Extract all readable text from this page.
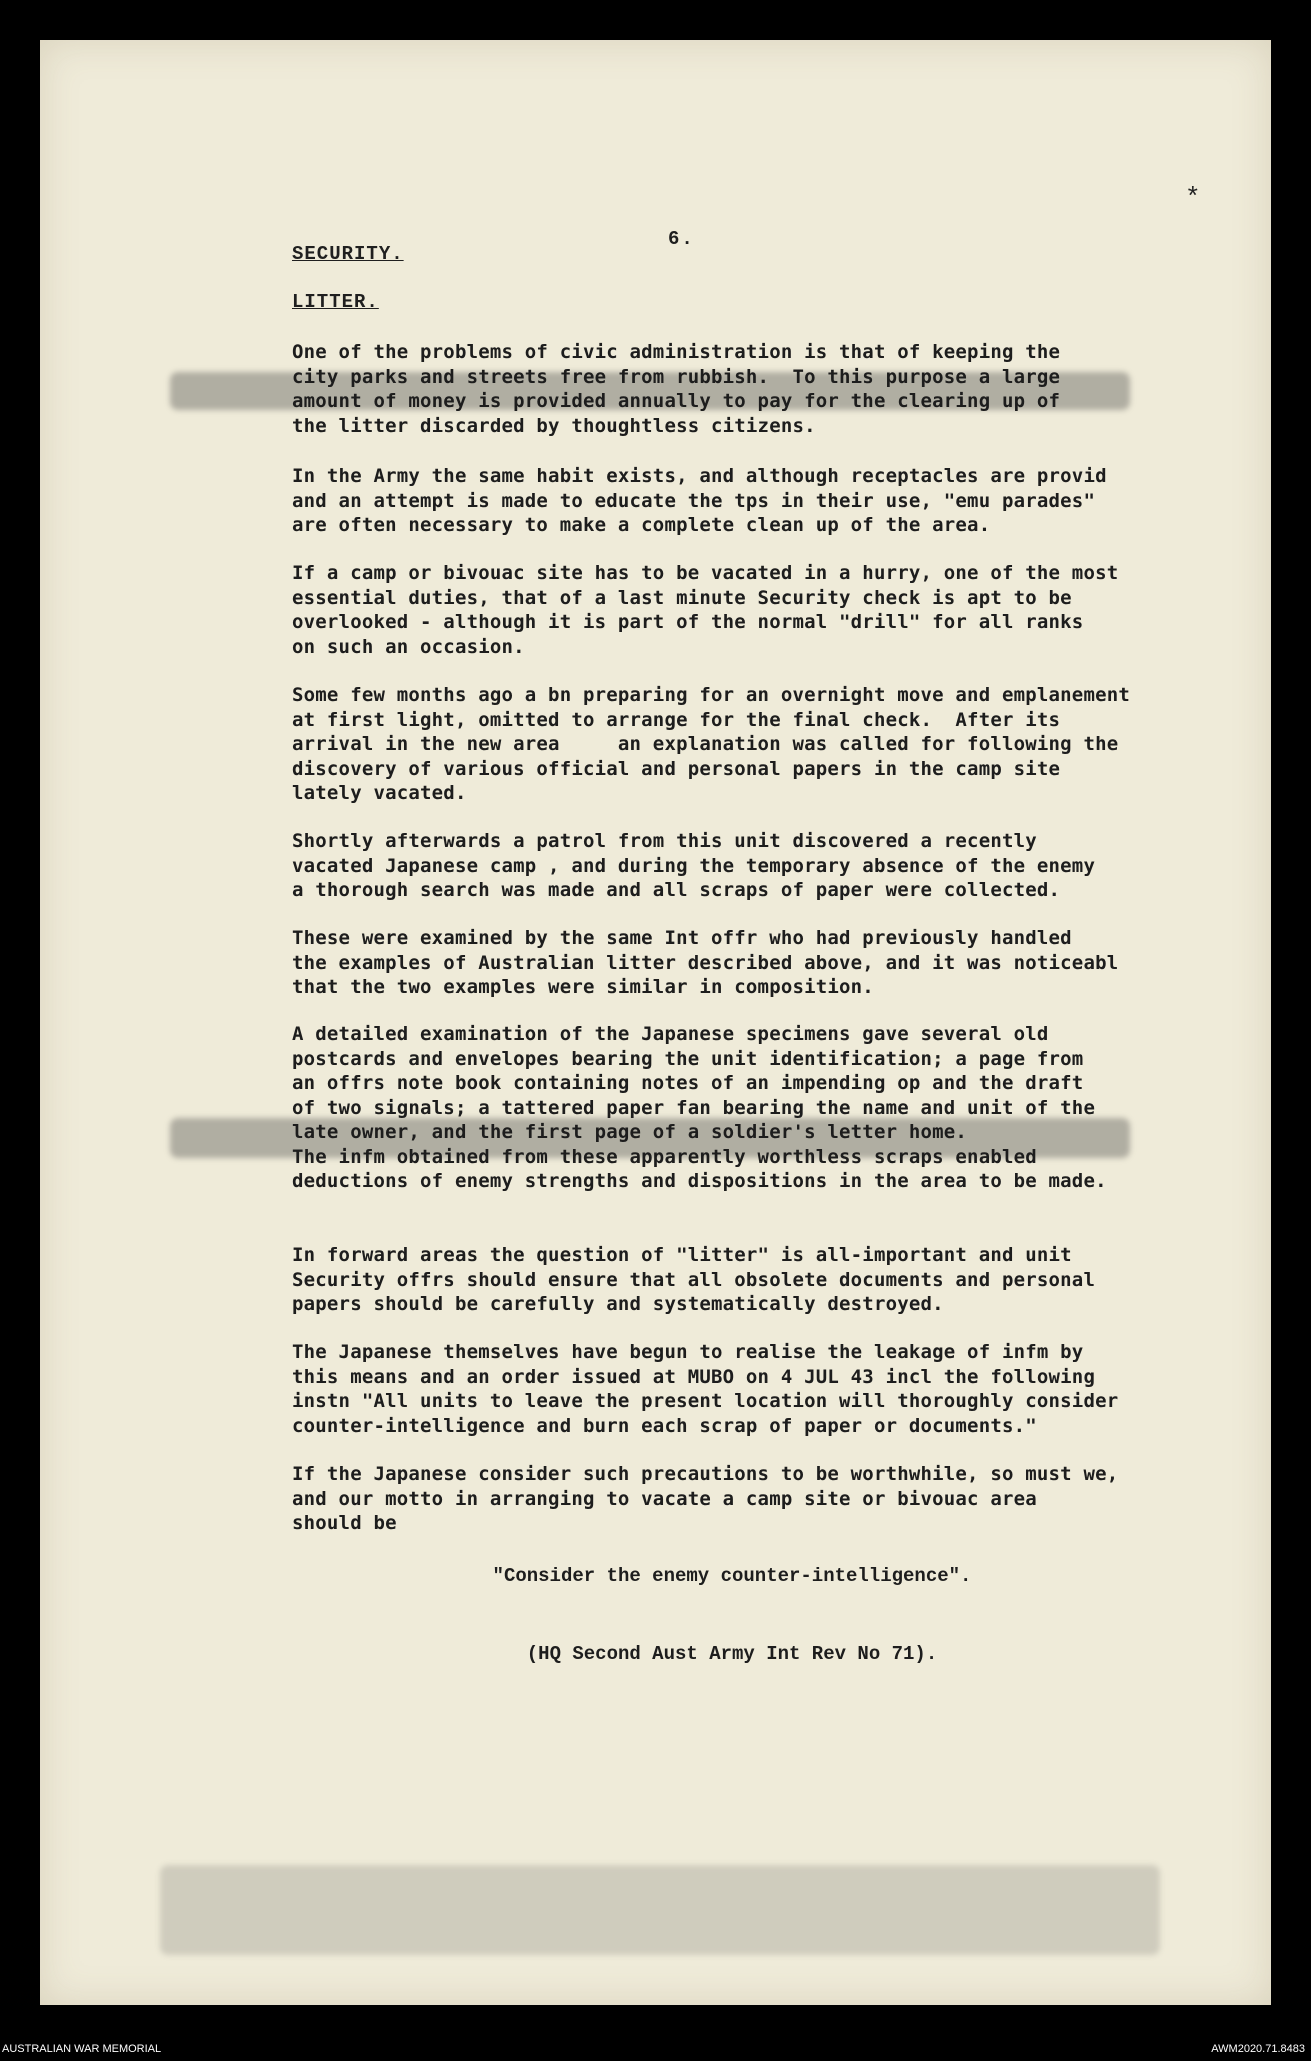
*
6.
SECURITY.
LITTER.
One of the problems of civic administration is that of keeping the
city parks and streets free from rubbish.  To this purpose a large
amount of money is provided annually to pay for the clearing up of
the litter discarded by thoughtless citizens.
In the Army the same habit exists, and although receptacles are provid
and an attempt is made to educate the tps in their use, "emu parades"
are often necessary to make a complete clean up of the area.
If a camp or bivouac site has to be vacated in a hurry, one of the most
essential duties, that of a last minute Security check is apt to be
overlooked - although it is part of the normal "drill" for all ranks
on such an occasion.
Some few months ago a bn preparing for an overnight move and emplanement
at first light, omitted to arrange for the final check.  After its
arrival in the new area     an explanation was called for following the
discovery of various official and personal papers in the camp site
lately vacated.
Shortly afterwards a patrol from this unit discovered a recently
vacated Japanese camp , and during the temporary absence of the enemy
a thorough search was made and all scraps of paper were collected.
These were examined by the same Int offr who had previously handled
the examples of Australian litter described above, and it was noticeabl
that the two examples were similar in composition.
A detailed examination of the Japanese specimens gave several old
postcards and envelopes bearing the unit identification; a page from
an offrs note book containing notes of an impending op and the draft
of two signals; a tattered paper fan bearing the name and unit of the
late owner, and the first page of a soldier's letter home.
The infm obtained from these apparently worthless scraps enabled
deductions of enemy strengths and dispositions in the area to be made.
In forward areas the question of "litter" is all-important and unit
Security offrs should ensure that all obsolete documents and personal
papers should be carefully and systematically destroyed.
The Japanese themselves have begun to realise the leakage of infm by
this means and an order issued at MUBO on 4 JUL 43 incl the following
instn "All units to leave the present location will thoroughly consider
counter-intelligence and burn each scrap of paper or documents."
If the Japanese consider such precautions to be worthwhile, so must we,
and our motto in arranging to vacate a camp site or bivouac area
should be
"Consider the enemy counter-intelligence".
(HQ Second Aust Army Int Rev No 71).
AUSTRALIAN WAR MEMORIAL	AWM2020.71.8483
